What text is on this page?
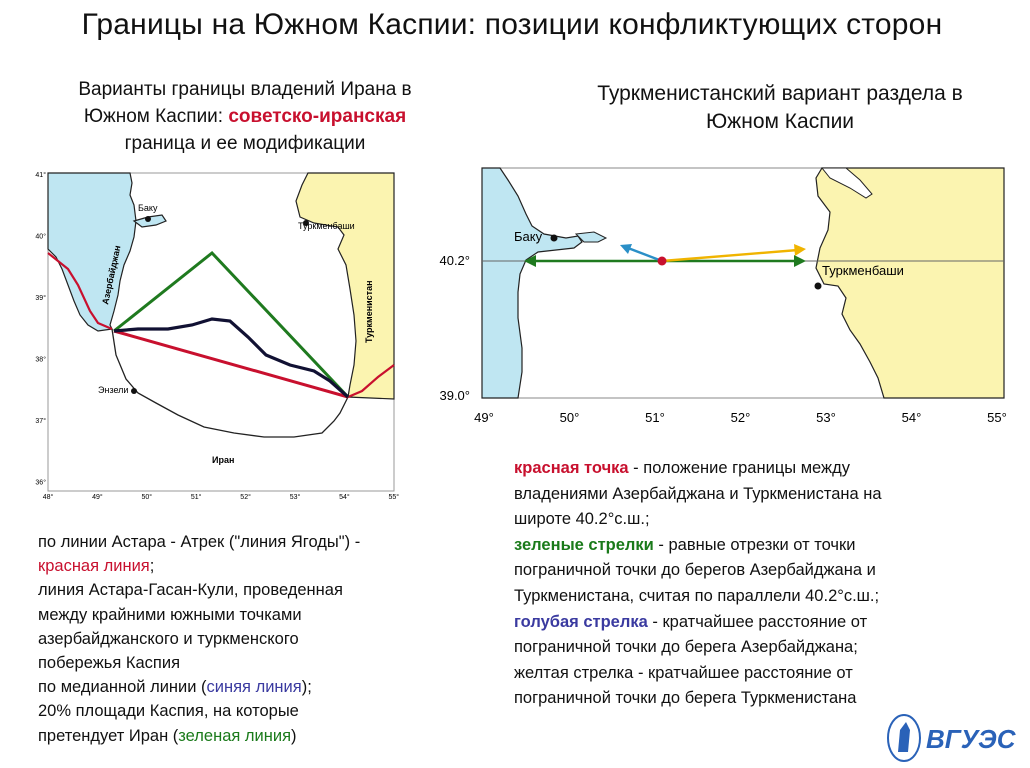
Границы на Южном Каспии: позиции конфликтующих сторон
Варианты границы владений Ирана в
Южном Каспии: советско-иранская
граница и ее модификации
Туркменистанский вариант раздела в
Южном Каспии
Баку
Туркменбаши
Энзели
Иран
Азербайджан
Туркменистан
41°
40°
39°
38°
37°
36°
48°	49°	50°	51°	52°	53°	54°	55°
Баку
Туркменбаши
40.2°
39.0°
49°	50°	51°	52°	53°	54°	55°
по линии Астара - Атрек ("линия Ягоды") -
красная линия;
линия Астара-Гасан-Кули, проведенная
между крайними южными точками
азербайджанского и туркменского
побережья Каспия
по медианной линии (синяя линия);
20% площади Каспия, на которые
претендует Иран (зеленая линия)
красная точка - положение границы между
владениями Азербайджана и Туркменистана на
широте 40.2°с.ш.;
зеленые стрелки - равные отрезки от точки
пограничной точки до берегов Азербайджана и
Туркменистана, считая по параллели 40.2°с.ш.;
голубая стрелка - кратчайшее расстояние от
пограничной точки до берега Азербайджана;
желтая стрелка - кратчайшее расстояние от
пограничной точки до берега Туркменистана
ВГУЭС
